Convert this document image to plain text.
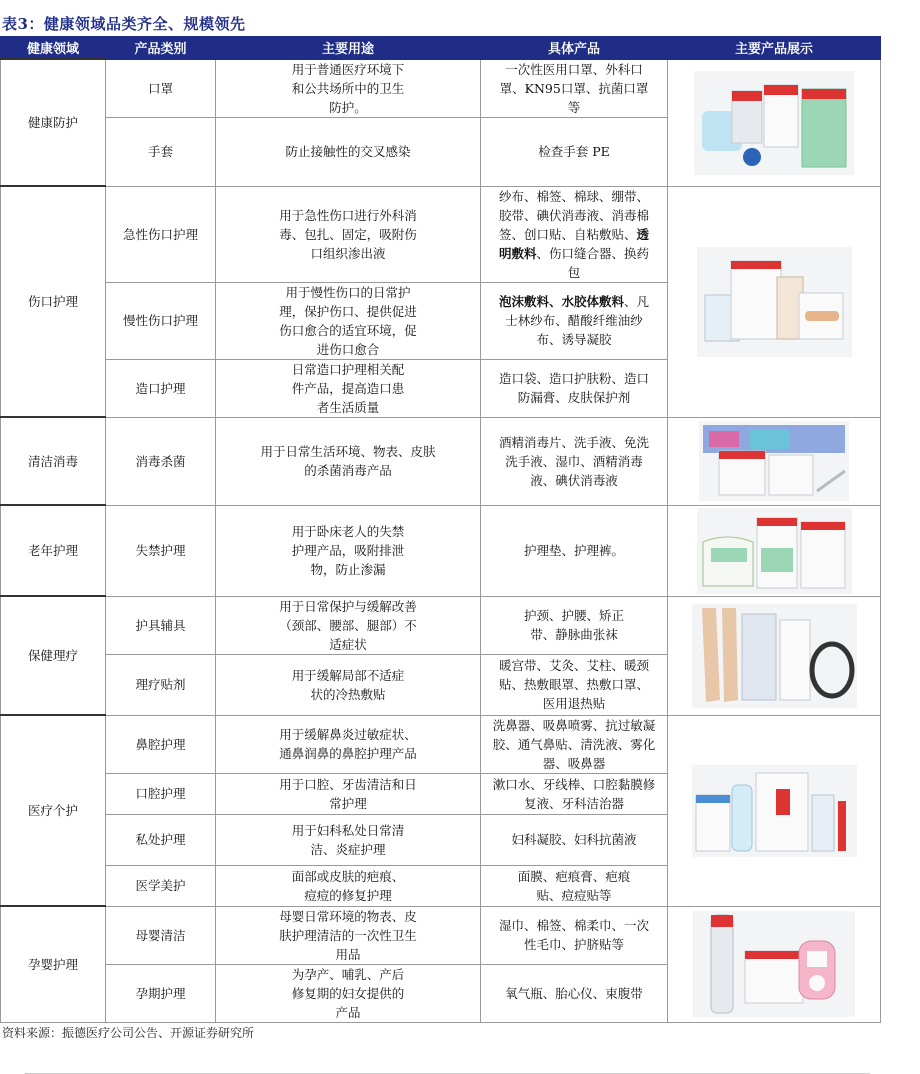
表3：健康领域品类齐全、规模领先
健康领域	产品类别	主要用途	具体产品	主要产品展示
健康防护	口罩	用于普通医疗环境下和公共场所中的卫生防护。	一次性医用口罩、外科口罩、KN95口罩、抗菌口罩等	

	手套	防止接触性的交叉感染	检查手套 PE	
伤口护理	急性伤口护理	用于急性伤口进行外科消毒、包扎、固定，吸附伤口组织渗出液	纱布、棉签、棉球、绷带、胶带、碘伏消毒液、消毒棉签、创口贴、自粘敷贴、透明敷料、伤口缝合器、换药包	

	慢性伤口护理	用于慢性伤口的日常护理，保护伤口、提供促进伤口愈合的适宜环境，促进伤口愈合	泡沫敷料、水胶体敷料、凡士林纱布、醋酸纤维油纱布、诱导凝胶	
	造口护理	日常造口护理相关配件产品，提高造口患者生活质量	造口袋、造口护肤粉、造口防漏膏、皮肤保护剂	
清洁消毒	消毒杀菌	用于日常生活环境、物表、皮肤的杀菌消毒产品	酒精消毒片、洗手液、免洗洗手液、湿巾、酒精消毒液、碘伏消毒液	

老年护理	失禁护理	用于卧床老人的失禁护理产品，吸附排泄物，防止渗漏	护理垫、护理裤。	

保健理疗	护具辅具	用于日常保护与缓解改善（颈部、腰部、腿部）不适症状	护颈、护腰、矫正带、静脉曲张袜	

	理疗贴剂	用于缓解局部不适症状的冷热敷贴	暖宫带、艾灸、艾柱、暖颈贴、热敷眼罩、热敷口罩、医用退热贴	
医疗个护	鼻腔护理	用于缓解鼻炎过敏症状、通鼻润鼻的鼻腔护理产品	洗鼻器、吸鼻喷雾、抗过敏凝胶、通气鼻贴、清洗液、雾化器、吸鼻器	

	口腔护理	用于口腔、牙齿清洁和日常护理	漱口水、牙线棒、口腔黏膜修复液、牙科洁治器	
	私处护理	用于妇科私处日常清洁、炎症护理	妇科凝胶、妇科抗菌液	
	医学美护	面部或皮肤的疤痕、痘痘的修复护理	面膜、疤痕膏、疤痕贴、痘痘贴等	
孕婴护理	母婴清洁	母婴日常环境的物表、皮肤护理清洁的一次性卫生用品	湿巾、棉签、棉柔巾、一次性毛巾、护脐贴等	

	孕期护理	为孕产、哺乳、产后修复期的妇女提供的产品	氧气瓶、胎心仪、束腹带	
资料来源：振德医疗公司公告、开源证券研究所
